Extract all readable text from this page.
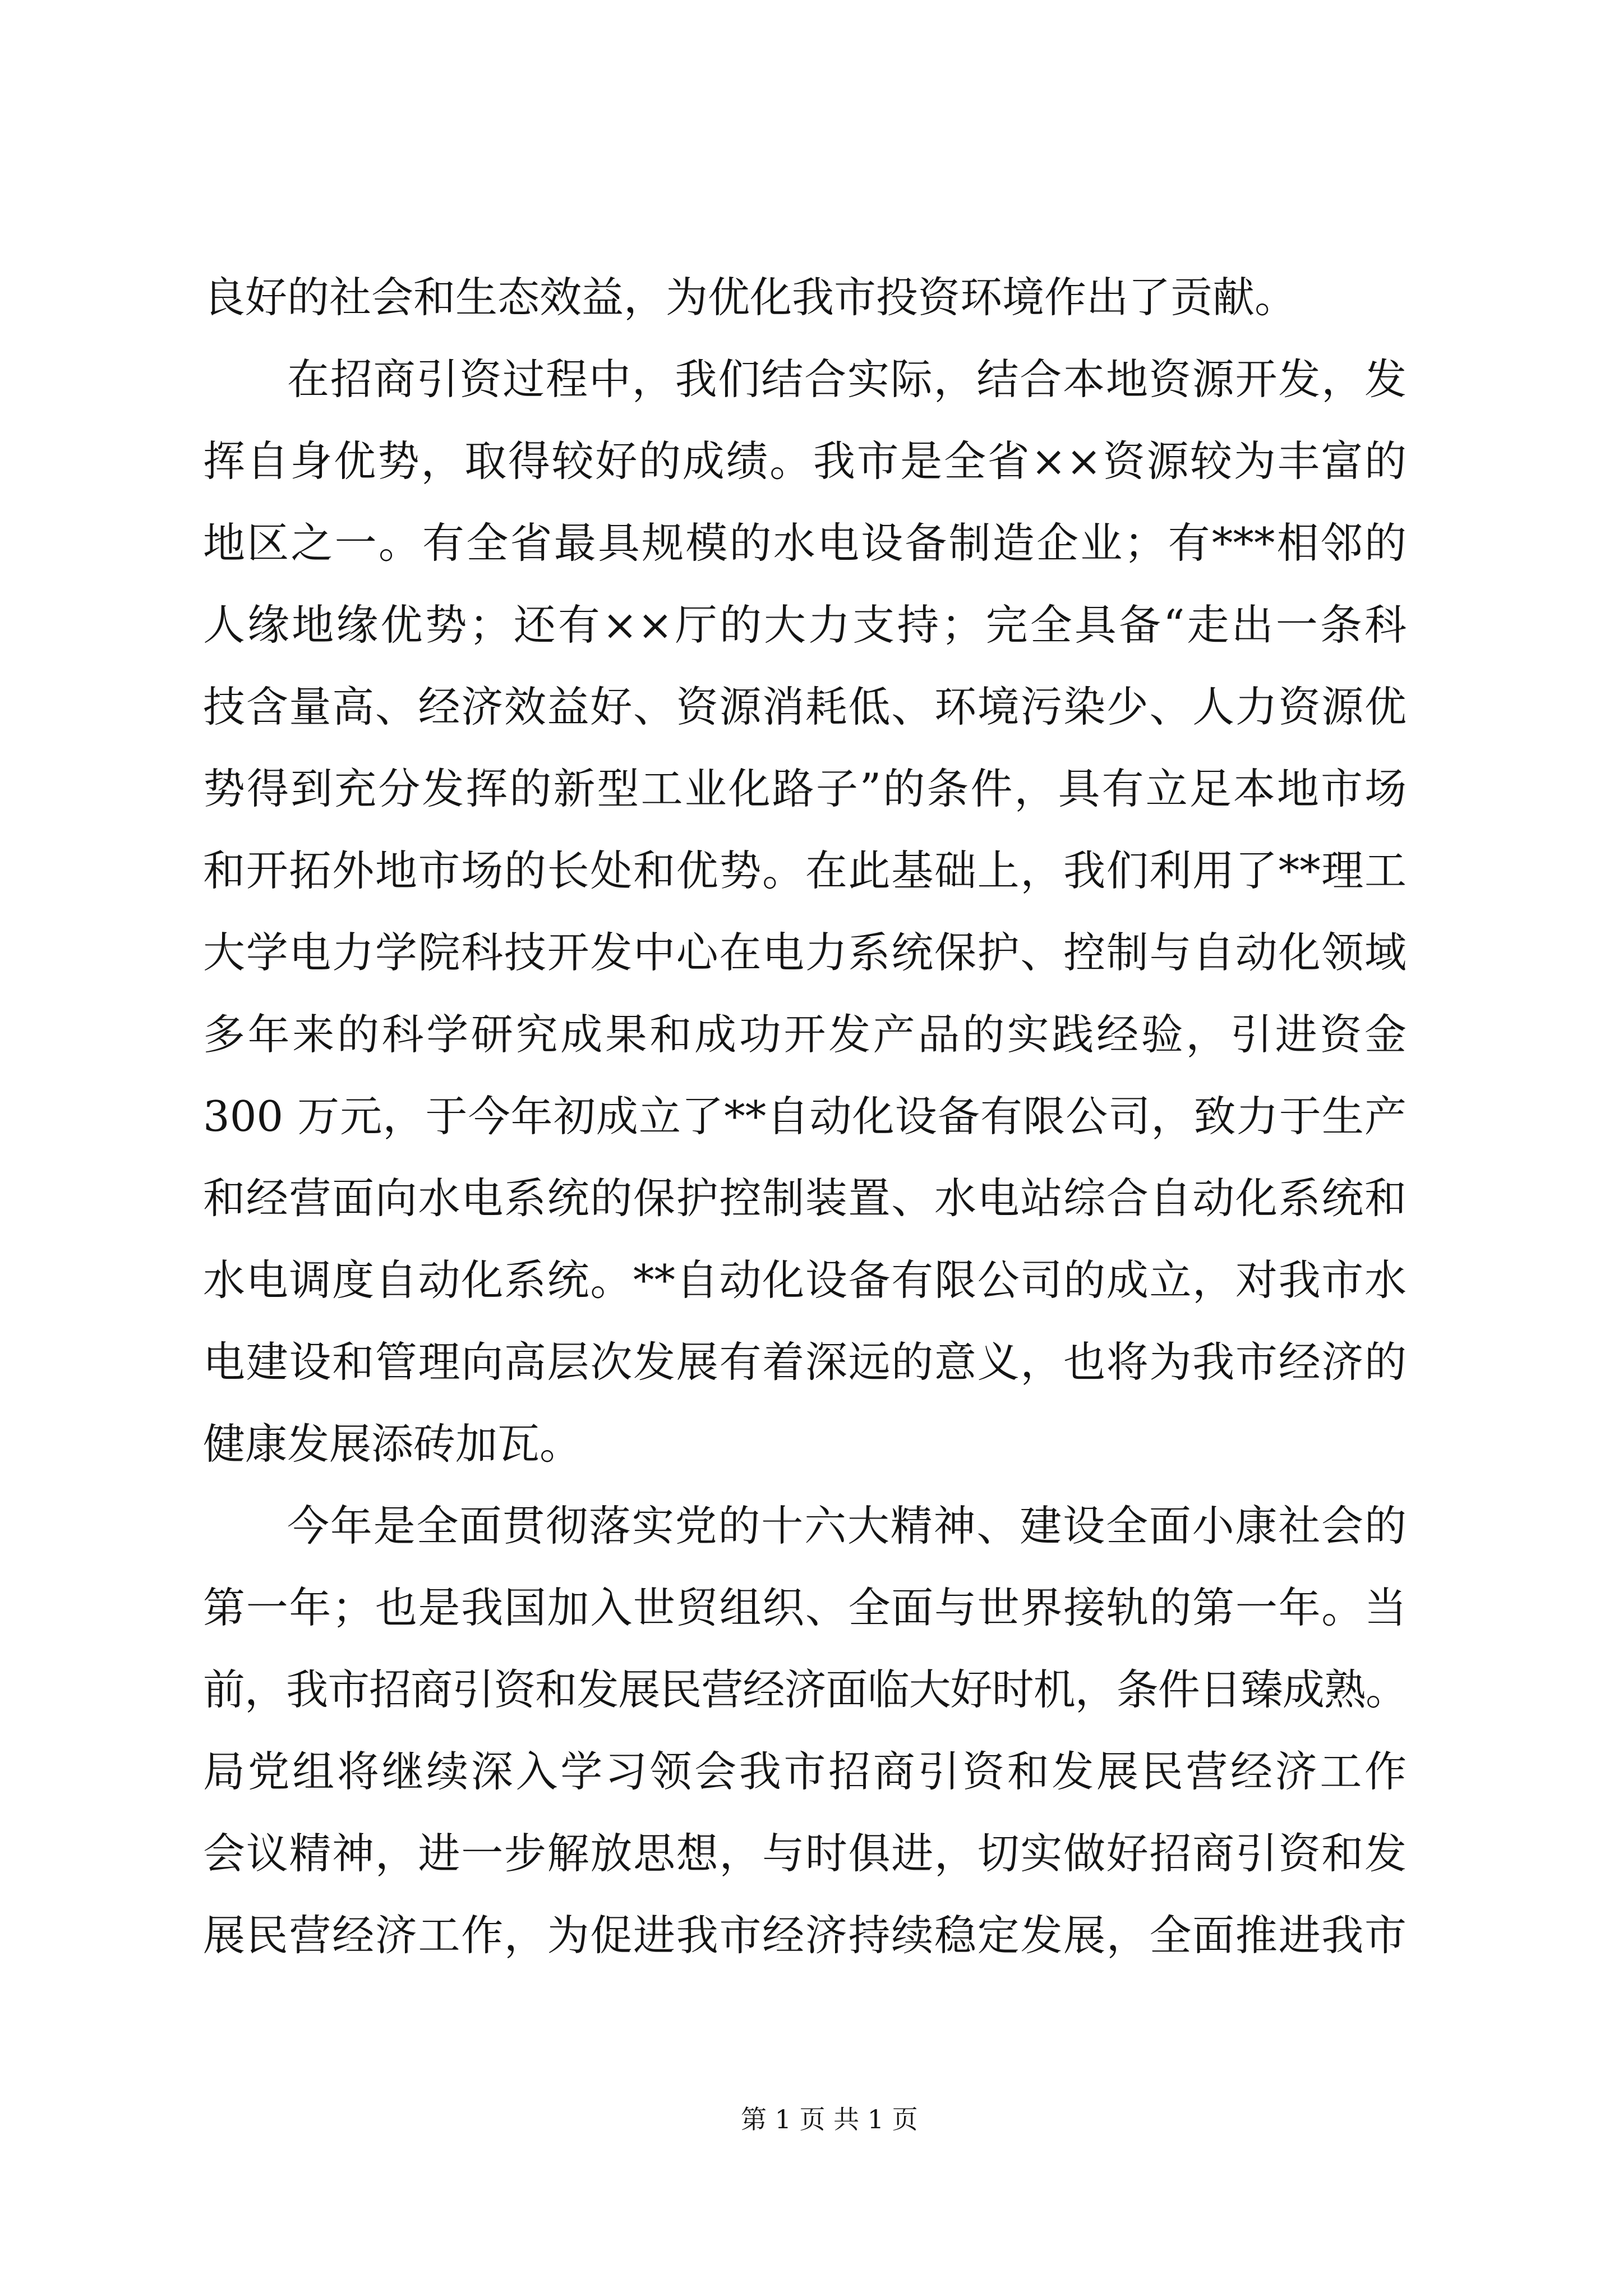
良好的社会和生态效益，为优化我市投资环境作出了贡献。
在招商引资过程中，我们结合实际，结合本地资源开发，发
挥自身优势，取得较好的成绩。我市是全省××资源较为丰富的
地区之一。有全省最具规模的水电设备制造企业；有***相邻的
人缘地缘优势；还有××厅的大力支持；完全具备“走出一条科
技含量高、经济效益好、资源消耗低、环境污染少、人力资源优
势得到充分发挥的新型工业化路子”的条件，具有立足本地市场
和开拓外地市场的长处和优势。在此基础上，我们利用了**理工
大学电力学院科技开发中心在电力系统保护、控制与自动化领域
多年来的科学研究成果和成功开发产品的实践经验，引进资金
300 万元，于今年初成立了**自动化设备有限公司，致力于生产
和经营面向水电系统的保护控制装置、水电站综合自动化系统和
水电调度自动化系统。**自动化设备有限公司的成立，对我市水
电建设和管理向高层次发展有着深远的意义，也将为我市经济的
健康发展添砖加瓦。
今年是全面贯彻落实党的十六大精神、建设全面小康社会的
第一年；也是我国加入世贸组织、全面与世界接轨的第一年。当
前，我市招商引资和发展民营经济面临大好时机，条件日臻成熟。
局党组将继续深入学习领会我市招商引资和发展民营经济工作
会议精神，进一步解放思想，与时俱进，切实做好招商引资和发
展民营经济工作，为促进我市经济持续稳定发展，全面推进我市
第 1 页 共 1 页
